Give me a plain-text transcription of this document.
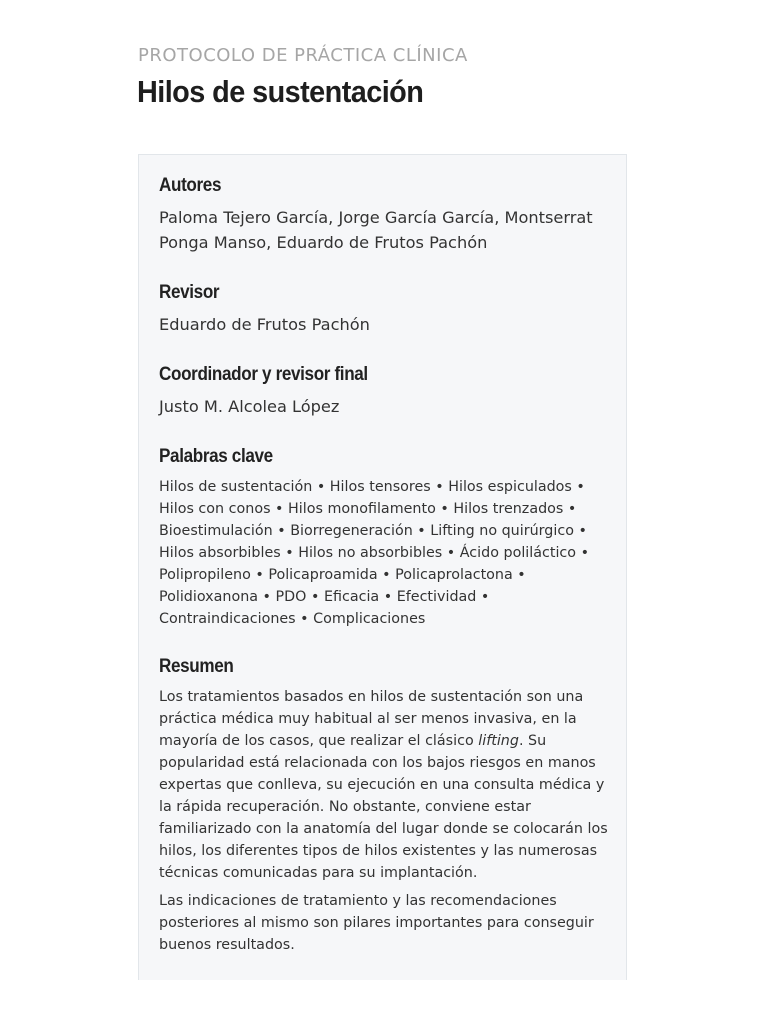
PROTOCOLO DE PRÁCTICA CLÍNICA
Hilos de sustentación
Autores

Paloma Tejero García, Jorge García García, Montserrat Ponga Manso, Eduardo de Frutos Pachón

Revisor

Eduardo de Frutos Pachón

Coordinador y revisor final

Justo M. Alcolea López

Palabras clave

Hilos de sustentación • Hilos tensores • Hilos espiculados • Hilos con conos • Hilos monofilamento • Hilos trenzados • Bioestimulación • Biorregeneración • Lifting no quirúrgico • Hilos absorbibles • Hilos no absorbibles • Ácido poliláctico • Polipropileno • Policaproamida • Policaprolactona • Polidioxanona • PDO • Eficacia • Efectividad • Contraindicaciones • Complicaciones

Resumen

Los tratamientos basados en hilos de sustentación son una práctica médica muy habitual al ser menos invasiva, en la mayoría de los casos, que realizar el clásico lifting. Su popularidad está relacionada con los bajos riesgos en manos expertas que conlleva, su ejecución en una consulta médica y la rápida recuperación. No obstante, conviene estar familiarizado con la anatomía del lugar donde se colocarán los hilos, los diferentes tipos de hilos existentes y las numerosas técnicas comunicadas para su implantación.

Las indicaciones de tratamiento y las recomendaciones posteriores al mismo son pilares importantes para conseguir buenos resultados.
